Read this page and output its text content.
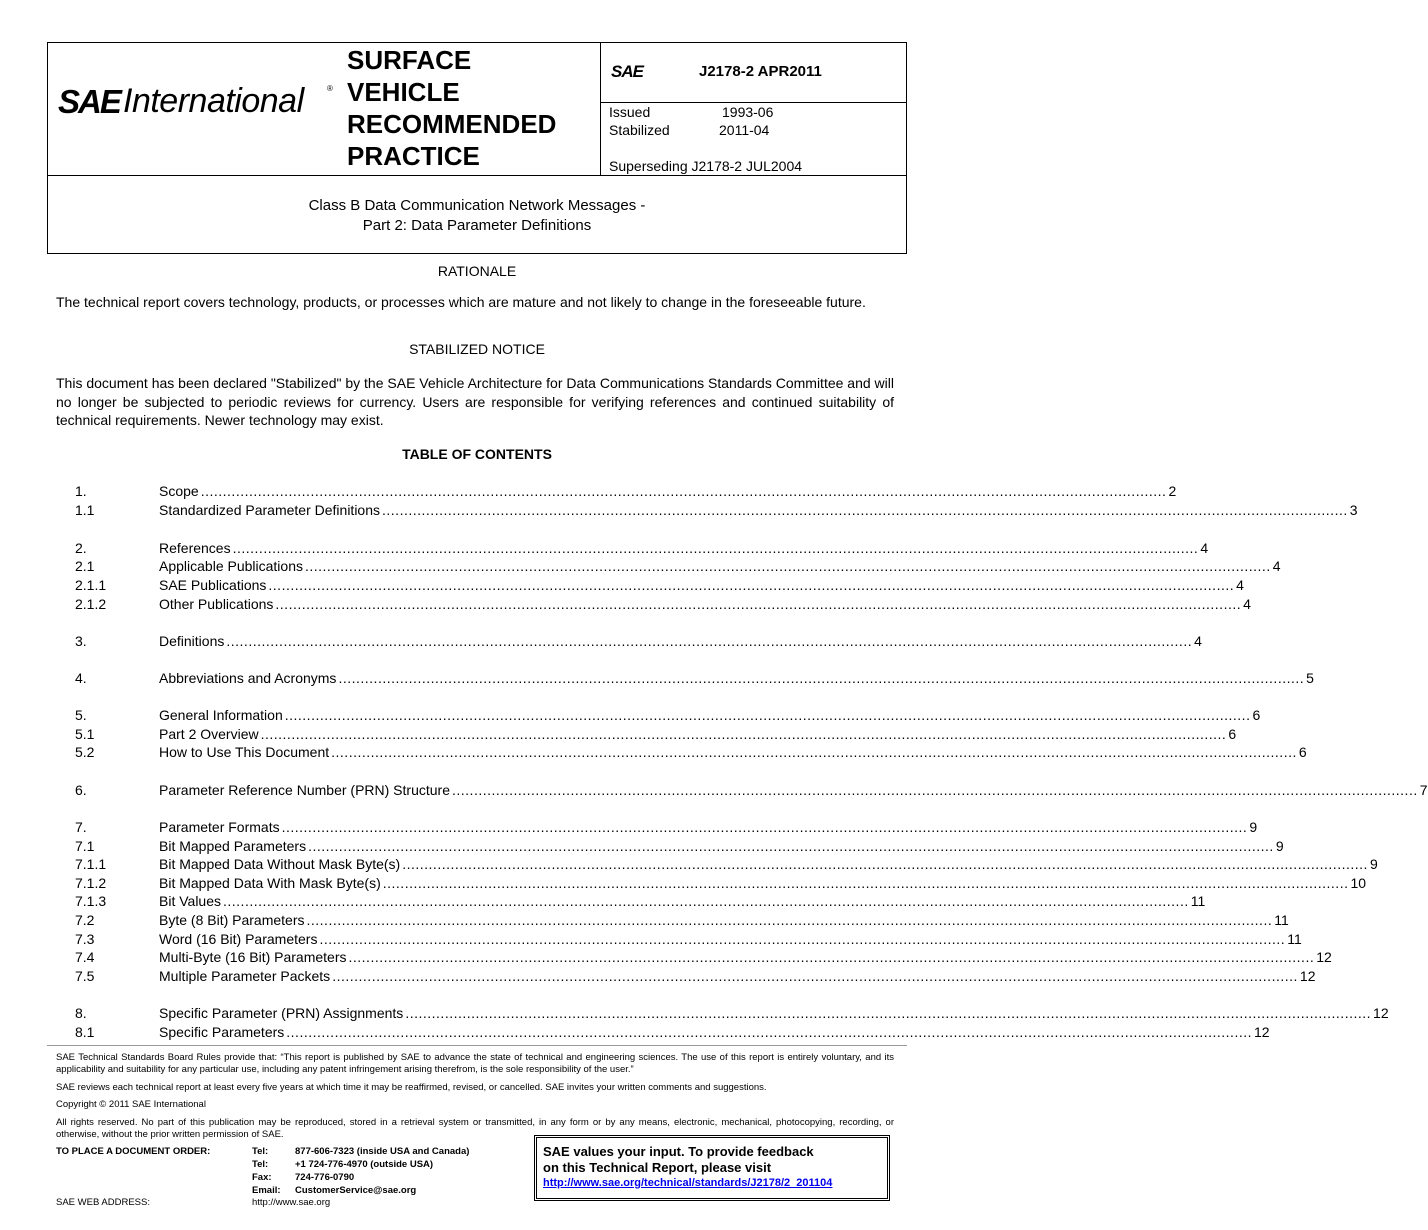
SAE International	®
SURFACE
VEHICLE
RECOMMENDED
PRACTICE
SAE	J2178-2 APR2011
Issued	1993-06
Stabilized	2011-04
Superseding J2178-2 JUL2004
Class B Data Communication Network Messages -
Part 2: Data Parameter Definitions
RATIONALE
The technical report covers technology, products, or processes which are mature and not likely to change in the foreseeable future.
STABILIZED NOTICE
This document has been declared "Stabilized" by the SAE Vehicle Architecture for Data Communications Standards Committee and will no longer be subjected to periodic reviews for currency. Users are responsible for verifying references and continued suitability of technical requirements. Newer technology may exist.
TABLE OF CONTENTS
1.	Scope ............................................................................................................................................................................................................................ 2
1.1	Standardized Parameter Definitions ............................................................................................................................................................................................................................ 3
2.	References ............................................................................................................................................................................................................................ 4
2.1	Applicable Publications ............................................................................................................................................................................................................................ 4
2.1.1	SAE Publications ............................................................................................................................................................................................................................ 4
2.1.2	Other Publications ............................................................................................................................................................................................................................ 4
3.	Definitions ............................................................................................................................................................................................................................ 4
4.	Abbreviations and Acronyms ............................................................................................................................................................................................................................ 5
5.	General Information ............................................................................................................................................................................................................................ 6
5.1	Part 2 Overview ............................................................................................................................................................................................................................ 6
5.2	How to Use This Document ............................................................................................................................................................................................................................ 6
6.	Parameter Reference Number (PRN) Structure ............................................................................................................................................................................................................................ 7
7.	Parameter Formats ............................................................................................................................................................................................................................ 9
7.1	Bit Mapped Parameters ............................................................................................................................................................................................................................ 9
7.1.1	Bit Mapped Data Without Mask Byte(s) ............................................................................................................................................................................................................................ 9
7.1.2	Bit Mapped Data With Mask Byte(s) ............................................................................................................................................................................................................................ 10
7.1.3	Bit Values ............................................................................................................................................................................................................................ 11
7.2	Byte (8 Bit) Parameters ............................................................................................................................................................................................................................ 11
7.3	Word (16 Bit) Parameters ............................................................................................................................................................................................................................ 11
7.4	Multi-Byte (16 Bit) Parameters ............................................................................................................................................................................................................................ 12
7.5	Multiple Parameter Packets ............................................................................................................................................................................................................................ 12
8.	Specific Parameter (PRN) Assignments ............................................................................................................................................................................................................................ 12
8.1	Specific Parameters ............................................................................................................................................................................................................................ 12
SAE Technical Standards Board Rules provide that: “This report is published by SAE to advance the state of technical and engineering sciences. The use of this report is entirely voluntary, and its applicability and suitability for any particular use, including any patent infringement arising therefrom, is the sole responsibility of the user.”
SAE reviews each technical report at least every five years at which time it may be reaffirmed, revised, or cancelled. SAE invites your written comments and suggestions.
Copyright © 2011 SAE International
All rights reserved. No part of this publication may be reproduced, stored in a retrieval system or transmitted, in any form or by any means, electronic, mechanical, photocopying, recording, or otherwise, without the prior written permission of SAE.
TO PLACE A DOCUMENT ORDER:	Tel:	877-606-7323 (inside USA and Canada)
Tel:	+1 724-776-4970 (outside USA)
Fax: 724-776-0790
Email: CustomerService@sae.org
SAE WEB ADDRESS:	http://www.sae.org
SAE values your input. To provide feedback
on this Technical Report, please visit
http://www.sae.org/technical/standards/J2178/2_201104
